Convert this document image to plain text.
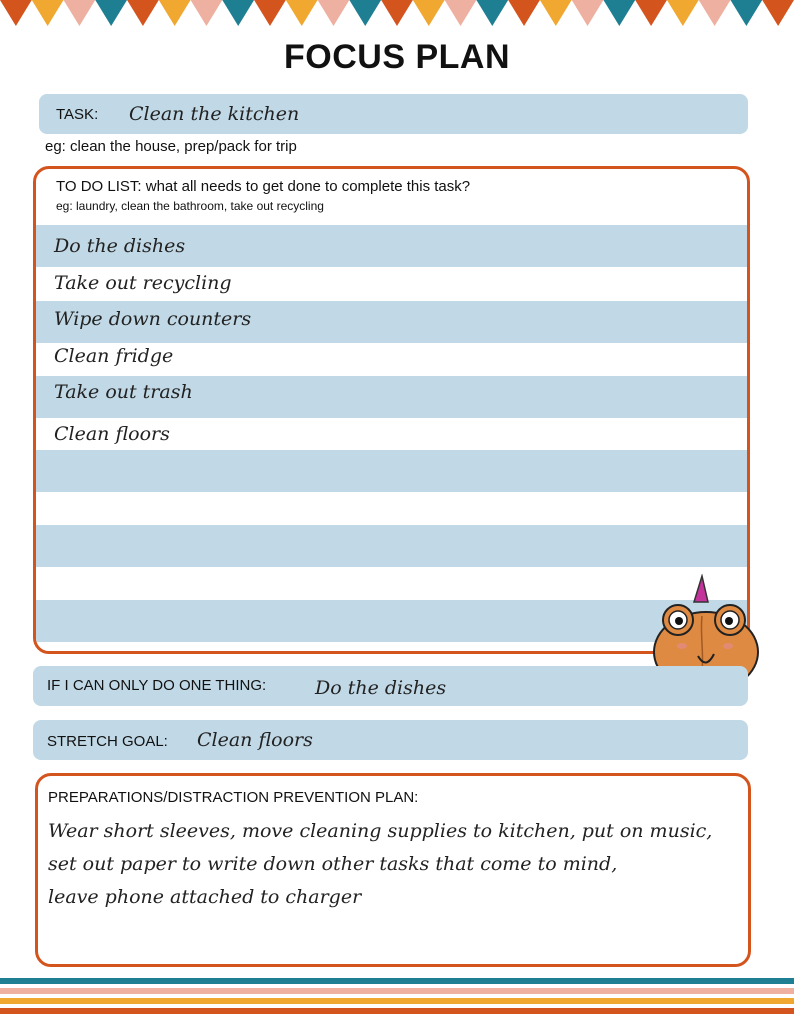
FOCUS PLAN
TASK: Clean the kitchen
eg: clean the house, prep/pack for trip
TO DO LIST: what all needs to get done to complete this task?
eg: laundry, clean the bathroom, take out recycling
Do the dishes
Take out recycling
Wipe down counters
Clean fridge
Take out trash
Clean floors
IF I CAN ONLY DO ONE THING:	Do the dishes
STRETCH GOAL: Clean floors
PREPARATIONS/DISTRACTION PREVENTION PLAN:
Wear short sleeves, move cleaning supplies to kitchen, put on music,
set out paper to write down other tasks that come to mind,
leave phone attached to charger
